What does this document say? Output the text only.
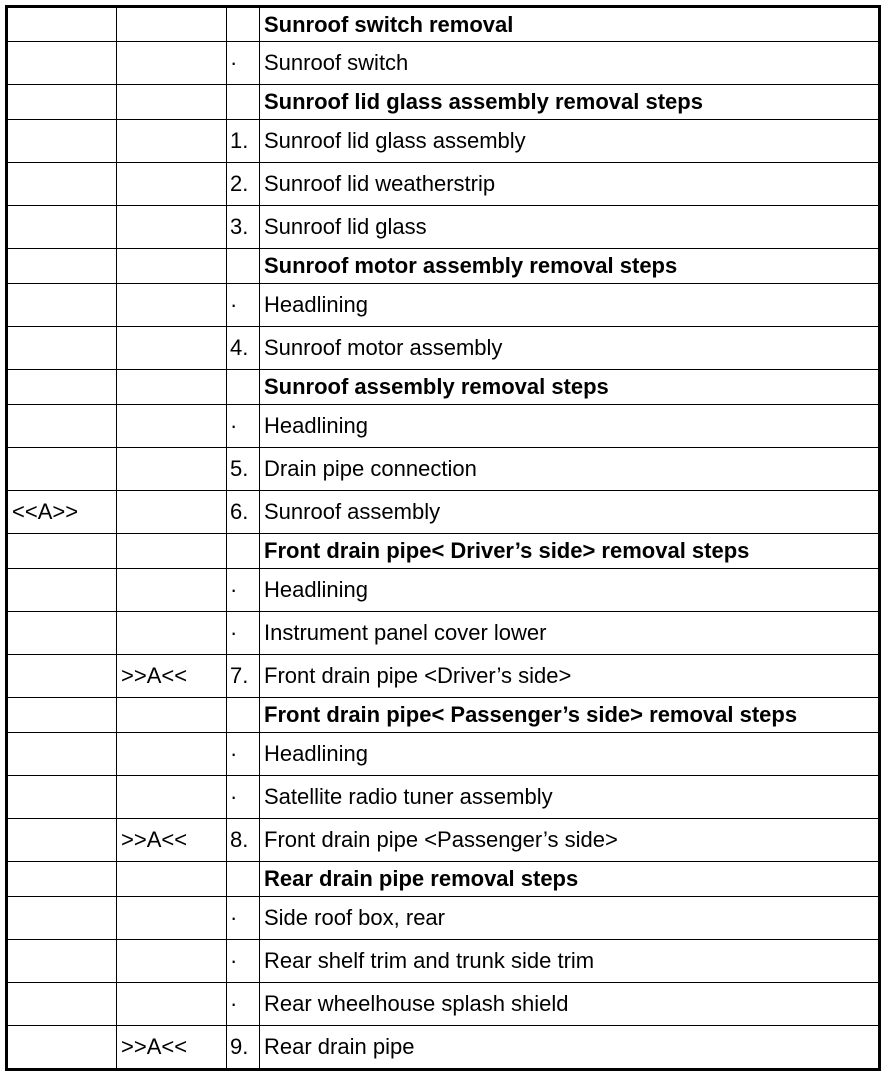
			Sunroof switch removal
		·	Sunroof switch
			Sunroof lid glass assembly removal steps
		1.	Sunroof lid glass assembly
		2.	Sunroof lid weatherstrip
		3.	Sunroof lid glass
			Sunroof motor assembly removal steps
		·	Headlining
		4.	Sunroof motor assembly
			Sunroof assembly removal steps
		·	Headlining
		5.	Drain pipe connection
<<A>>		6.	Sunroof assembly
			Front drain pipe< Driver’s side> removal steps
		·	Headlining
		·	Instrument panel cover lower
	>>A<<	7.	Front drain pipe <Driver’s side>
			Front drain pipe< Passenger’s side> removal steps
		·	Headlining
		·	Satellite radio tuner assembly
	>>A<<	8.	Front drain pipe <Passenger’s side>
			Rear drain pipe removal steps
		·	Side roof box, rear
		·	Rear shelf trim and trunk side trim
		·	Rear wheelhouse splash shield
	>>A<<	9.	Rear drain pipe
